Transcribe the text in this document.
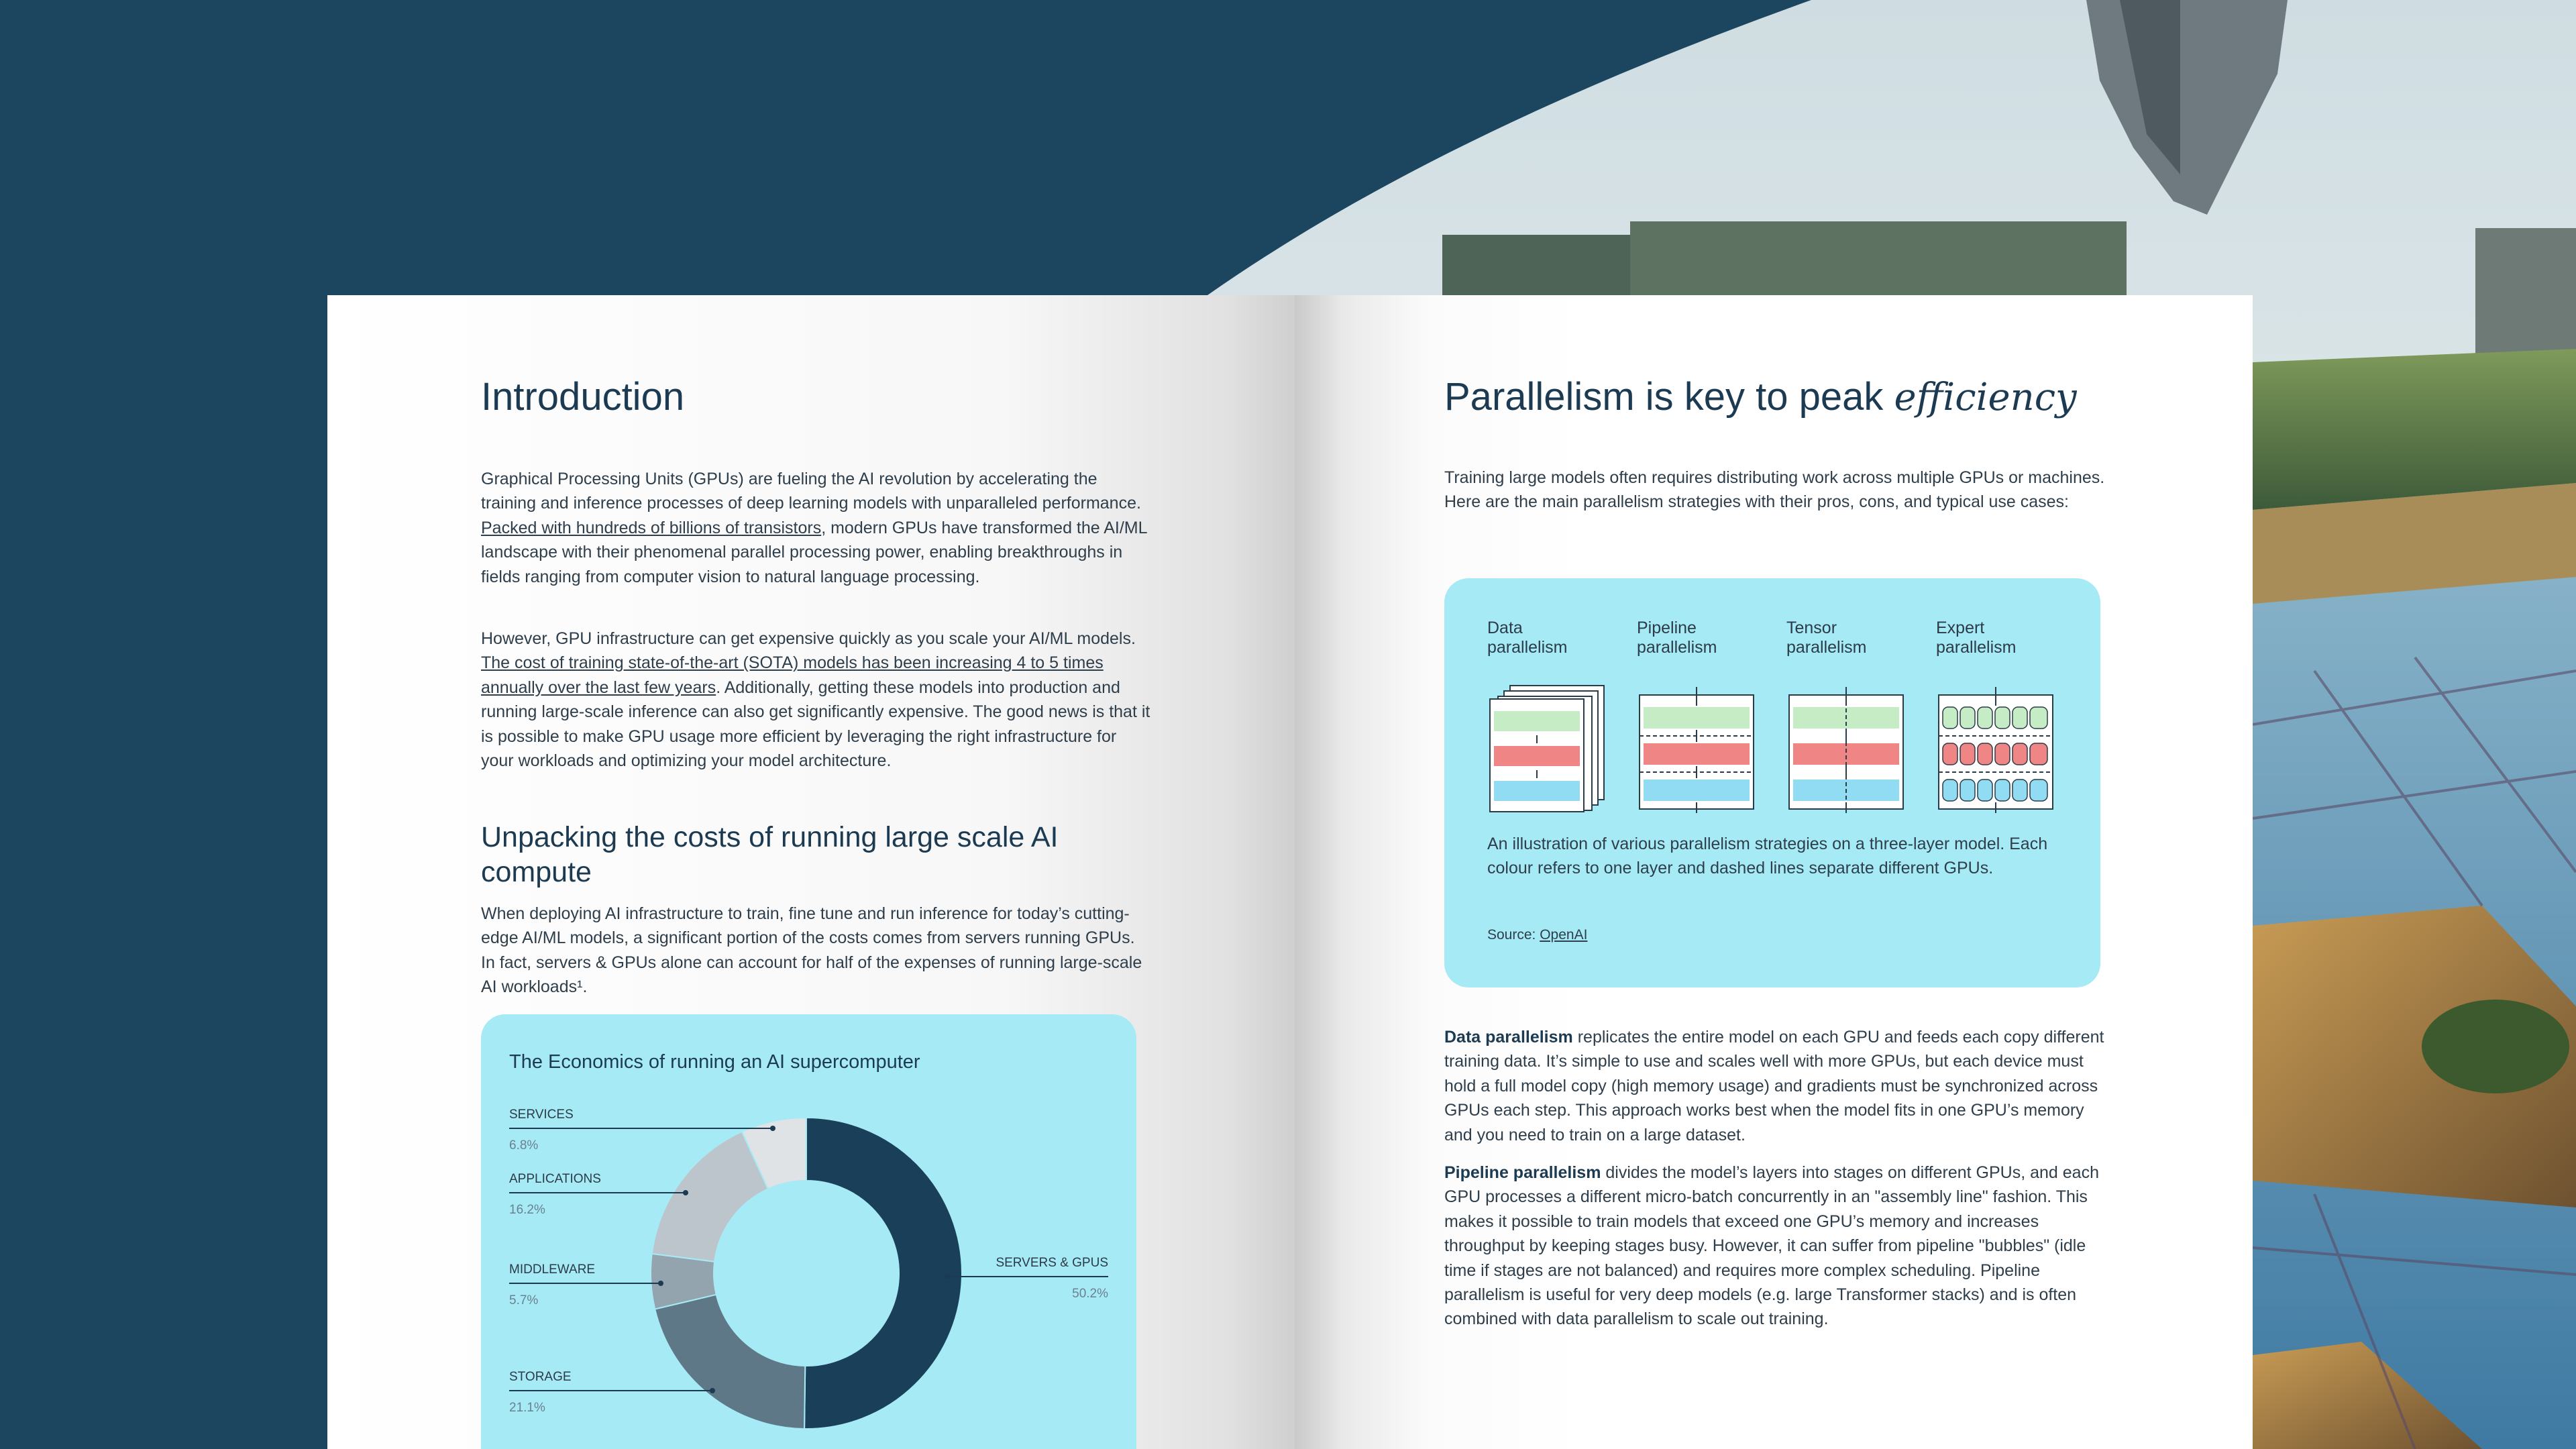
Introduction

Graphical Processing Units (GPUs) are fueling the AI revolution by accelerating the training and inference processes of deep learning models with unparalleled performance. Packed with hundreds of billions of transistors, modern GPUs have transformed the AI/ML landscape with their phenomenal parallel processing power, enabling breakthroughs in fields ranging from computer vision to natural language processing.

However, GPU infrastructure can get expensive quickly as you scale your AI/ML models. The cost of training state-of-the-art (SOTA) models has been increasing 4 to 5 times annually over the last few years. Additionally, getting these models into production and running large-scale inference can also get significantly expensive. The good news is that it is possible to make GPU usage more efficient by leveraging the right infrastructure for your workloads and optimizing your model architecture.

Unpacking the costs of running large scale AI compute

When deploying AI infrastructure to train, fine tune and run inference for today’s cutting-edge AI/ML models, a significant portion of the costs comes from servers running GPUs. In fact, servers & GPUs alone can account for half of the expenses of running large-scale AI workloads¹.

The Economics of running an AI supercomputer
SERVERS & GPUS
50.2%
STORAGE
21.1%
MIDDLEWARE
5.7%
APPLICATIONS
16.2%
SERVICES
6.8%
Parallelism is key to peak efficiency

Training large models often requires distributing work across multiple GPUs or machines. Here are the main parallelism strategies with their pros, cons, and typical use cases:

Data
parallelism
Pipeline
parallelism
Tensor
parallelism
Expert
parallelism

An illustration of various parallelism strategies on a three-layer model. Each colour refers to one layer and dashed lines separate different GPUs.

Source: OpenAI

Data parallelism replicates the entire model on each GPU and feeds each copy different training data. It’s simple to use and scales well with more GPUs, but each device must hold a full model copy (high memory usage) and gradients must be synchronized across GPUs each step. This approach works best when the model fits in one GPU’s memory and you need to train on a large dataset.

Pipeline parallelism divides the model’s layers into stages on different GPUs, and each GPU processes a different micro-batch concurrently in an "assembly line" fashion. This makes it possible to train models that exceed one GPU’s memory and increases throughput by keeping stages busy. However, it can suffer from pipeline "bubbles" (idle time if stages are not balanced) and requires more complex scheduling. Pipeline parallelism is useful for very deep models (e.g. large Transformer stacks) and is often combined with data parallelism to scale out training.
